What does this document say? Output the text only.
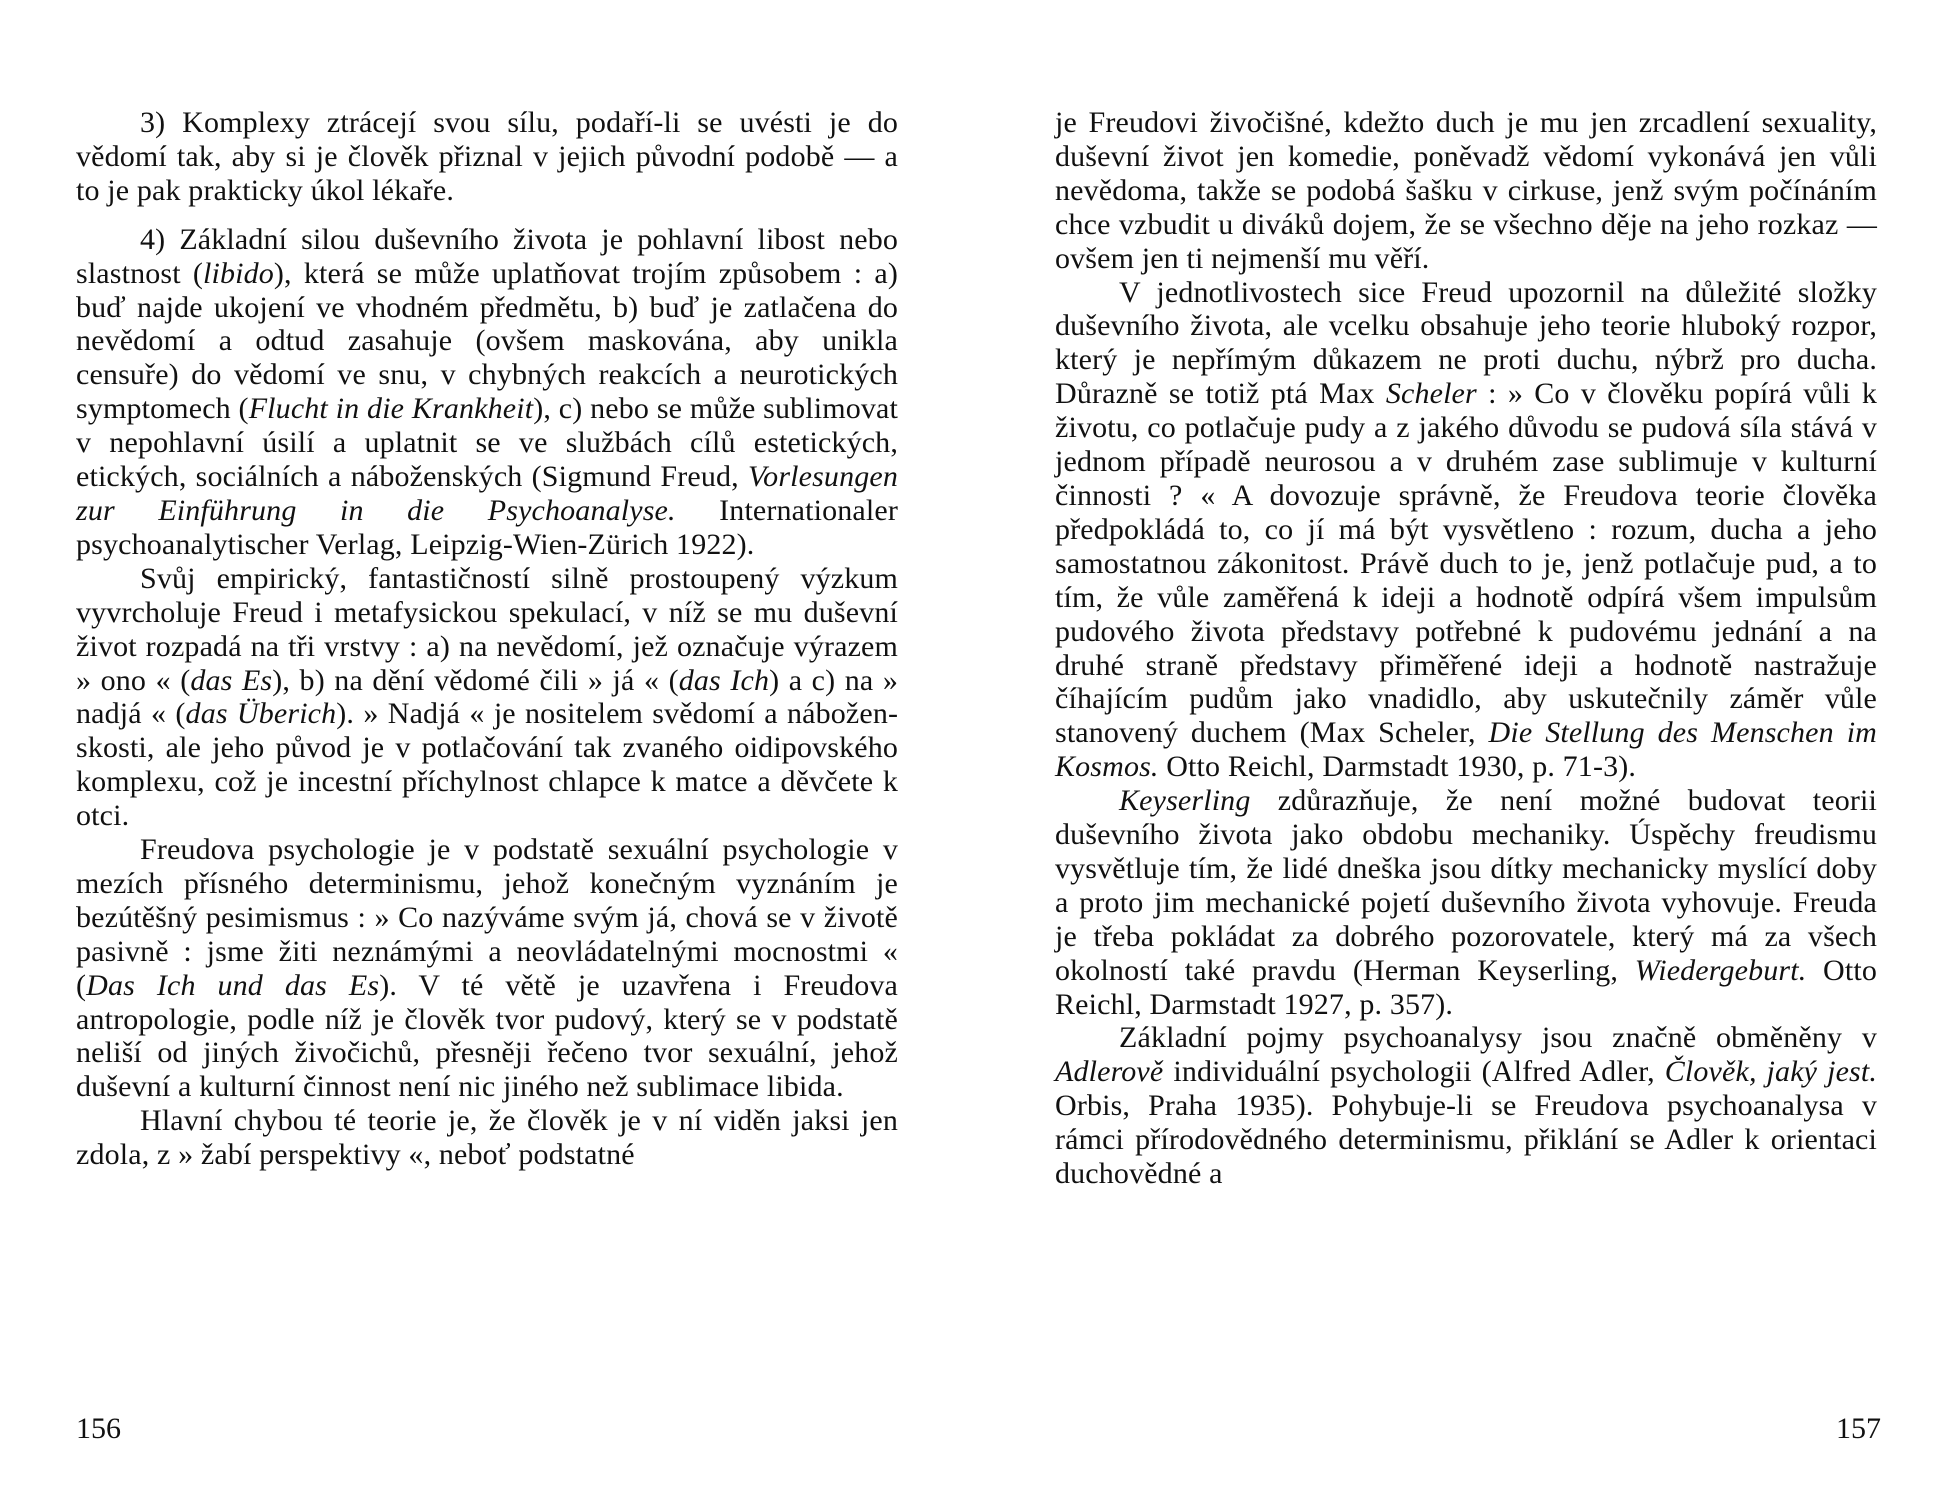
3) Komplexy ztrácejí svou sílu, podaří-li se uvésti je do vědomí tak, aby si je člověk přiznal v jejich původní podobě — a to je pak prakticky úkol lékaře.

4) Základní silou duševního života je pohlavní libost nebo slastnost (libido), která se může uplatňovat trojím způsobem : a) buď najde ukojení ve vhodném předmětu, b) buď je zatlačena do nevědomí a odtud zasahuje (ovšem maskována, aby unikla censuře) do vědomí ve snu, v chybných reakcích a neurotických symptomech (Flucht in die Krankheit), c) nebo se může sublimovat v nepohlavní úsilí a uplatnit se ve službách cílů estetických, etických, sociálních a náboženských (Sigmund Freud, Vorlesungen zur Einführung in die Psychoanalyse. Internationaler psychoanalytischer Verlag, Leipzig-Wien-Zürich 1922).

Svůj empirický, fantastičností silně prostoupený výzkum vyvrcholuje Freud i metafysickou spekulací, v níž se mu duševní život rozpadá na tři vrstvy : a) na nevědomí, jež označuje výrazem » ono « (das Es), b) na dění vědomé čili » já « (das Ich) a c) na » nadjá « (das Überich). » Nadjá « je nositelem svědomí a náboženskosti, ale jeho původ je v potlačování tak zvaného oidipovského komplexu, což je incestní příchylnost chlapce k matce a děvčete k otci.

Freudova psychologie je v podstatě sexuální psychologie v mezích přísného determinismu, jehož konečným vyznáním je bezútěšný pesimismus : » Co nazýváme svým já, chová se v životě pasivně : jsme žiti neznámými a neovládatelnými mocnostmi « (Das Ich und das Es). V té větě je uzavřena i Freudova antropologie, podle níž je člověk tvor pudový, který se v podstatě neliší od jiných živočichů, přesněji řečeno tvor sexuální, jehož duševní a kulturní činnost není nic jiného než sublimace libida.

Hlavní chybou té teorie je, že člověk je v ní viděn jaksi jen zdola, z » žabí perspektivy «, neboť podstatné

156

je Freudovi živočišné, kdežto duch je mu jen zrcadlení sexuality, duševní život jen komedie, poněvadž vědomí vykonává jen vůli nevědoma, takže se podobá šašku v cirkuse, jenž svým počínáním chce vzbudit u diváků dojem, že se všechno děje na jeho rozkaz — ovšem jen ti nejmenší mu věří.

V jednotlivostech sice Freud upozornil na důležité složky duševního života, ale vcelku obsahuje jeho teorie hluboký rozpor, který je nepřímým důkazem ne proti duchu, nýbrž pro ducha. Důrazně se totiž ptá Max Scheler : » Co v člověku popírá vůli k životu, co potlačuje pudy a z jakého důvodu se pudová síla stává v jednom případě neurosou a v druhém zase sublimuje v kulturní činnosti ? « A dovozuje správně, že Freudova teorie člověka předpokládá to, co jí má být vysvětleno : rozum, ducha a jeho samostatnou zákonitost. Právě duch to je, jenž potlačuje pud, a to tím, že vůle zaměřená k ideji a hodnotě odpírá všem impulsům pudového života představy potřebné k pudovému jednání a na druhé straně představy přiměřené ideji a hodnotě nastražuje číhajícím pudům jako vnadidlo, aby uskutečnily záměr vůle stanovený duchem (Max Scheler, Die Stellung des Menschen im Kosmos. Otto Reichl, Darmstadt 1930, p. 71-3).

Keyserling zdůrazňuje, že není možné budovat teorii duševního života jako obdobu mechaniky. Úspěchy freudismu vysvětluje tím, že lidé dneška jsou dítky mechanicky myslící doby a proto jim mechanické pojetí duševního života vyhovuje. Freuda je třeba pokládat za dobrého pozorovatele, který má za všech okolností také pravdu (Herman Keyserling, Wiedergeburt. Otto Reichl, Darmstadt 1927, p. 357).

Základní pojmy psychoanalysy jsou značně obměněny v Adlerově individuální psychologii (Alfred Adler, Člověk, jaký jest. Orbis, Praha 1935). Pohybuje-li se Freudova psychoanalysa v rámci přírodovědného determinismu, přiklání se Adler k orientaci duchovědné a

157
